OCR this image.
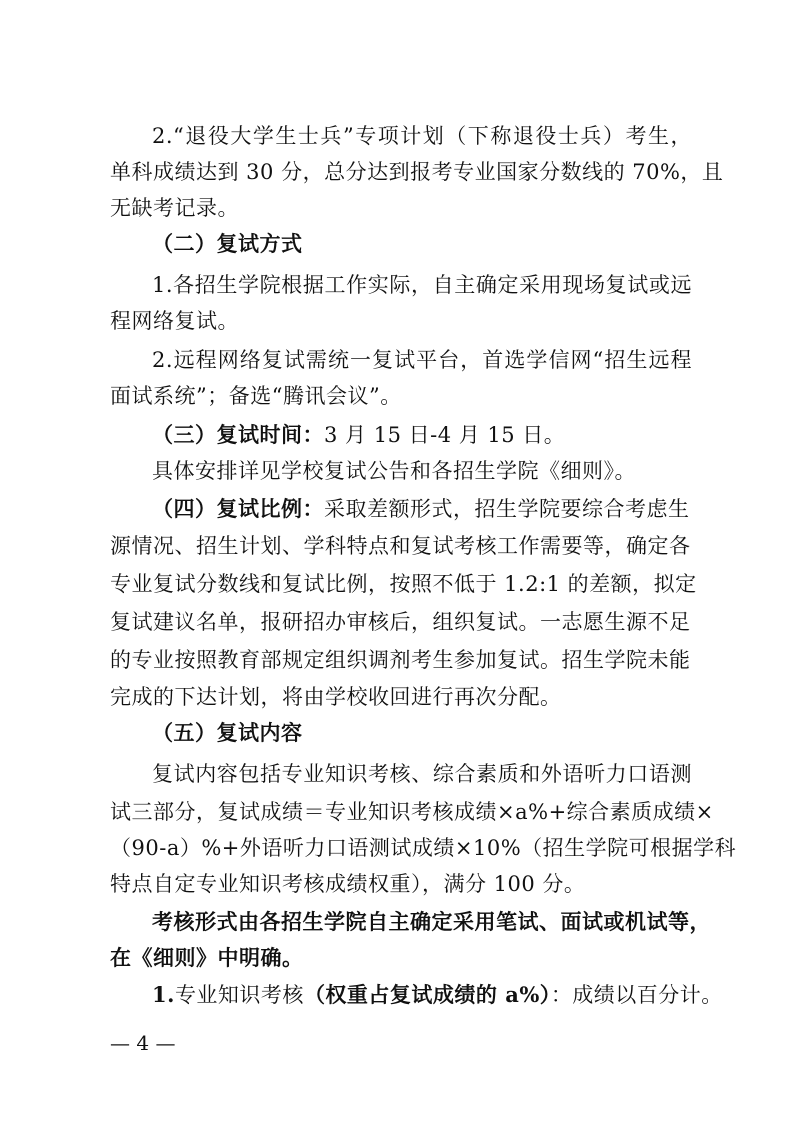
2.“退役大学生士兵”专项计划（下称退役士兵）考生，
单科成绩达到 30 分，总分达到报考专业国家分数线的 70%，且
无缺考记录。
（二）复试方式
1.各招生学院根据工作实际，自主确定采用现场复试或远
程网络复试。
2.远程网络复试需统一复试平台，首选学信网“招生远程
面试系统”；备选“腾讯会议”。
（三）复试时间：3 月 15 日-4 月 15 日。
具体安排详见学校复试公告和各招生学院《细则》。
（四）复试比例：采取差额形式，招生学院要综合考虑生
源情况、招生计划、学科特点和复试考核工作需要等，确定各
专业复试分数线和复试比例，按照不低于 1.2:1 的差额，拟定
复试建议名单，报研招办审核后，组织复试。一志愿生源不足
的专业按照教育部规定组织调剂考生参加复试。招生学院未能
完成的下达计划，将由学校收回进行再次分配。
（五）复试内容
复试内容包括专业知识考核、综合素质和外语听力口语测
试三部分，复试成绩＝专业知识考核成绩×a%+综合素质成绩×
（90-a）%+外语听力口语测试成绩×10%（招生学院可根据学科
特点自定专业知识考核成绩权重），满分 100 分。
考核形式由各招生学院自主确定采用笔试、面试或机试等，
在《细则》中明确。
1.专业知识考核（权重占复试成绩的 a%）：成绩以百分计。
— 4 —
